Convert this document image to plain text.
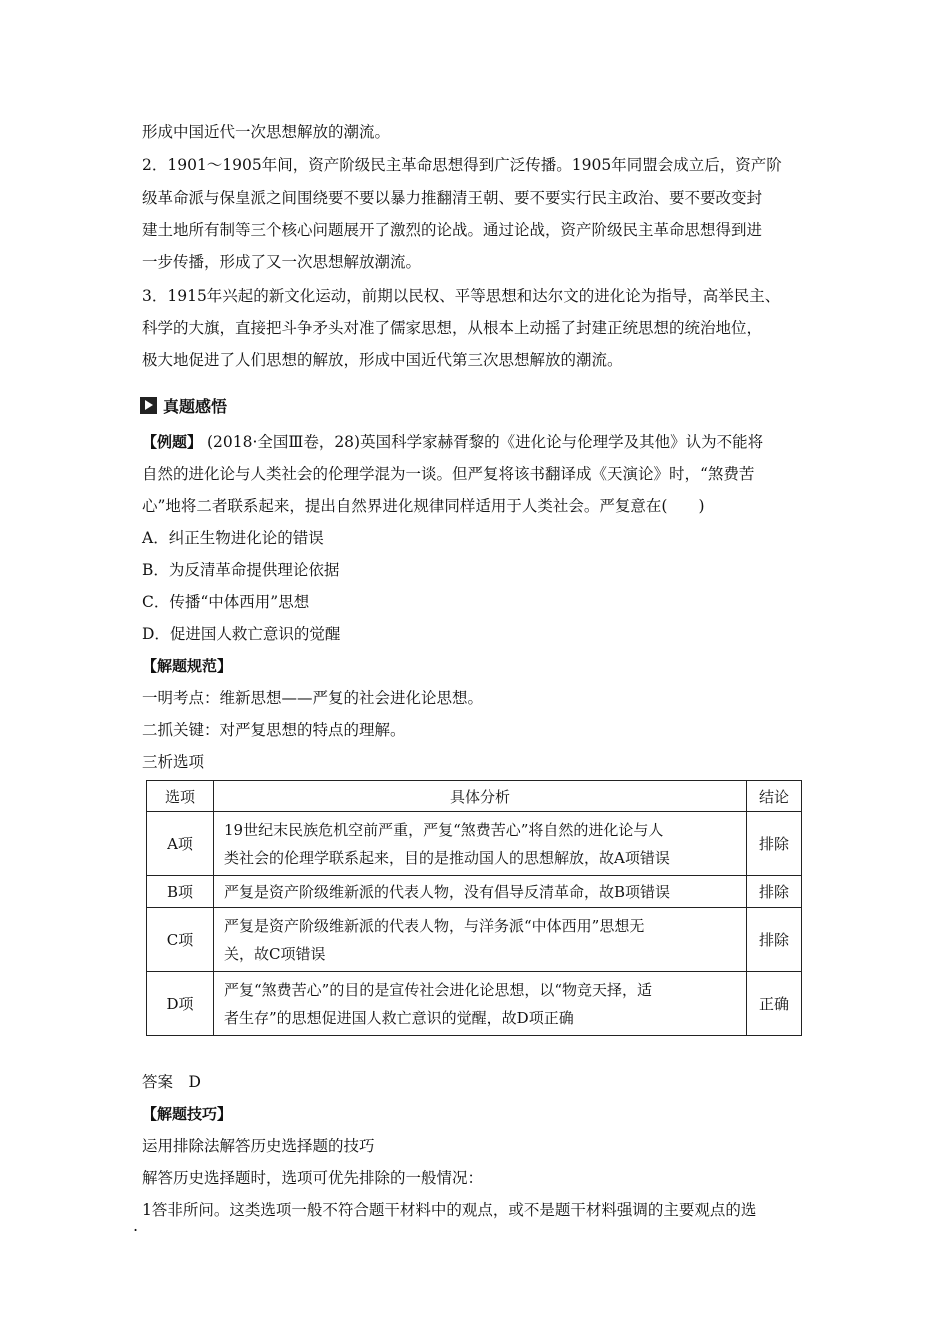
形成中国近代一次思想解放的潮流。
2．1901～1905年间，资产阶级民主革命思想得到广泛传播。1905年同盟会成立后，资产阶
级革命派与保皇派之间围绕要不要以暴力推翻清王朝、要不要实行民主政治、要不要改变封
建土地所有制等三个核心问题展开了激烈的论战。通过论战，资产阶级民主革命思想得到进
一步传播，形成了又一次思想解放潮流。
3．1915年兴起的新文化运动，前期以民权、平等思想和达尔文的进化论为指导，高举民主、
科学的大旗，直接把斗争矛头对准了儒家思想，从根本上动摇了封建正统思想的统治地位，
极大地促进了人们思想的解放，形成中国近代第三次思想解放的潮流。
真题感悟
【例题】 (2018·全国Ⅲ卷，28)英国科学家赫胥黎的《进化论与伦理学及其他》认为不能将
自然的进化论与人类社会的伦理学混为一谈。但严复将该书翻译成《天演论》时，“煞费苦
心”地将二者联系起来，提出自然界进化规律同样适用于人类社会。严复意在(　　)
A．纠正生物进化论的错误
B．为反清革命提供理论依据
C．传播“中体西用”思想
D．促进国人救亡意识的觉醒
【解题规范】
一明考点：维新思想——严复的社会进化论思想。
二抓关键：对严复思想的特点的理解。
三析选项
选项	具体分析	结论
A项	19世纪末民族危机空前严重，严复“煞费苦心”将自然的进化论与人
类社会的伦理学联系起来，目的是推动国人的思想解放，故A项错误	排除
B项	严复是资产阶级维新派的代表人物，没有倡导反清革命，故B项错误	排除
C项	严复是资产阶级维新派的代表人物，与洋务派“中体西用”思想无
关，故C项错误	排除
D项	严复“煞费苦心”的目的是宣传社会进化论思想，以“物竞天择，适
者生存”的思想促进国人救亡意识的觉醒，故D项正确	正确
答案　D
【解题技巧】
运用排除法解答历史选择题的技巧
解答历史选择题时，选项可优先排除的一般情况：
.
1答非所问。这类选项一般不符合题干材料中的观点，或不是题干材料强调的主要观点的选
